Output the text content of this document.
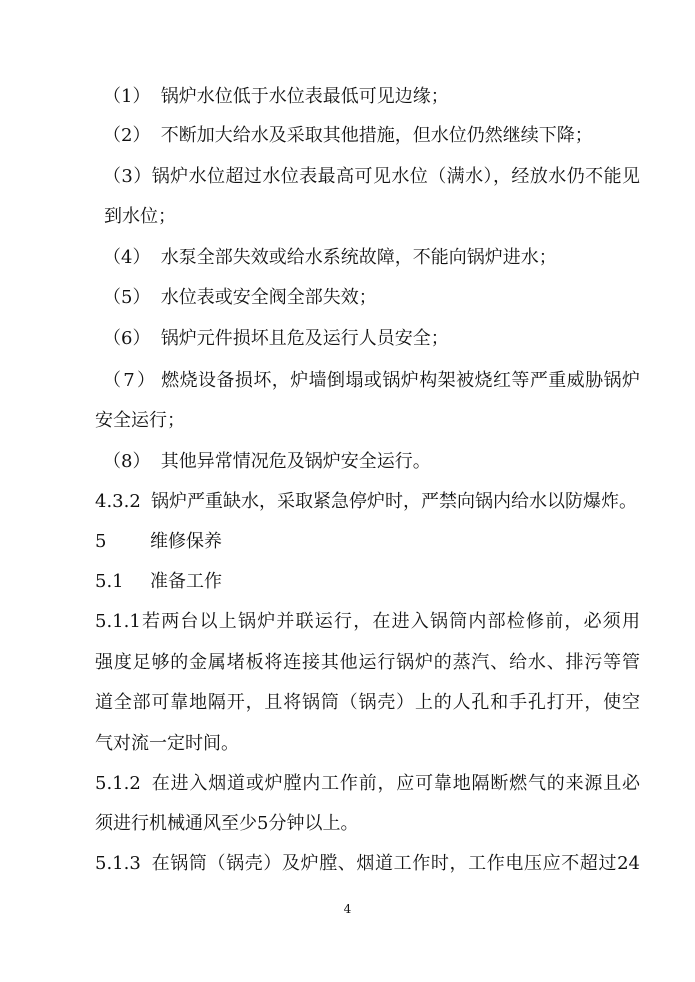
（1） 锅炉水位低于水位表最低可见边缘；
（2） 不断加大给水及采取其他措施，但水位仍然继续下降；
（3）锅炉水位超过水位表最高可见水位（满水），经放水仍不能见
到水位；
（4） 水泵全部失效或给水系统故障，不能向锅炉进水；
（5） 水位表或安全阀全部失效；
（6） 锅炉元件损坏且危及运行人员安全；
（7） 燃烧设备损坏，炉墙倒塌或锅炉构架被烧红等严重威胁锅炉
安全运行；
（8） 其他异常情况危及锅炉安全运行。
4.3.2 锅炉严重缺水，采取紧急停炉时，严禁向锅内给水以防爆炸。
5 维修保养
5.1 准备工作
5.1.1若两台以上锅炉并联运行，在进入锅筒内部检修前，必须用
强度足够的金属堵板将连接其他运行锅炉的蒸汽、给水、排污等管
道全部可靠地隔开，且将锅筒（锅壳）上的人孔和手孔打开，使空
气对流一定时间。
5.1.2 在进入烟道或炉膛内工作前，应可靠地隔断燃气的来源且必
须进行机械通风至少5分钟以上。
5.1.3 在锅筒（锅壳）及炉膛、烟道工作时，工作电压应不超过24
4
